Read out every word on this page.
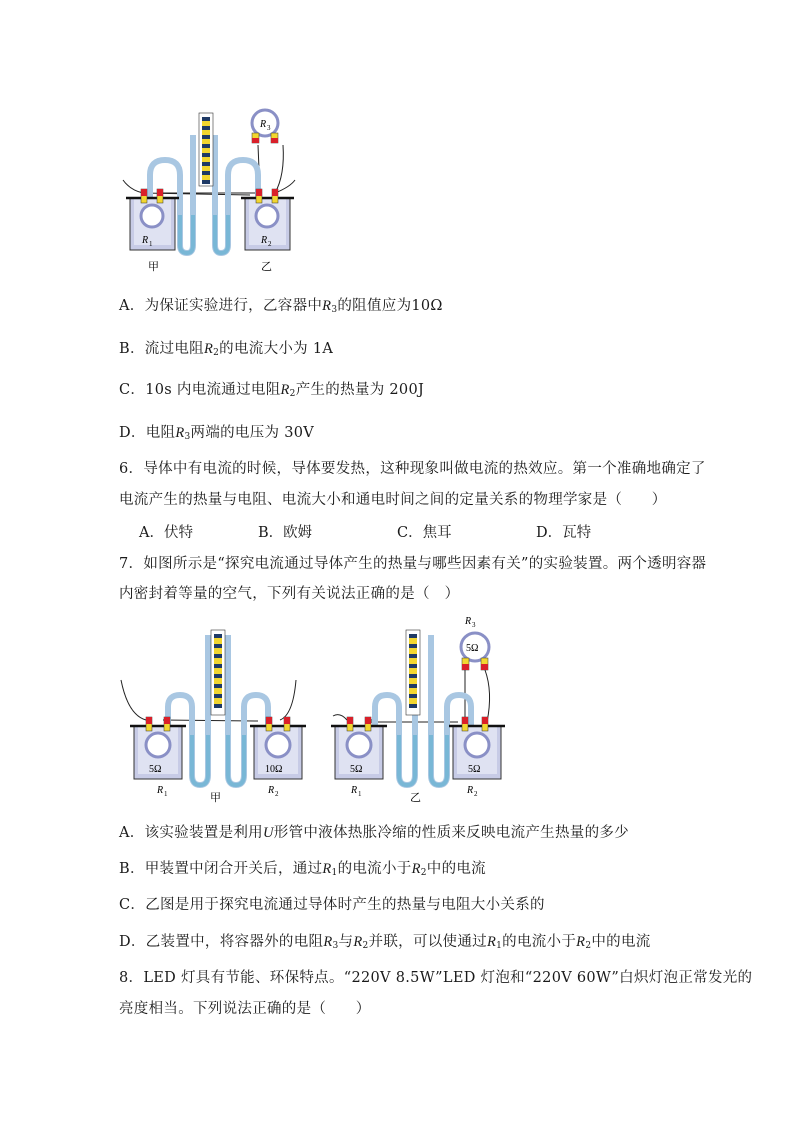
R 3
R 1	R 2
甲	乙
A．为保证实验进行，乙容器中$R_3$的阻值应为10Ω
B．流过电阻$R_2$的电流大小为 1A
C．10s 内电流通过电阻$R_2$产生的热量为 200J
D．电阻$R_3$两端的电压为 30V
6．导体中有电流的时候，导体要发热，这种现象叫做电流的热效应。第一个准确地确定了
电流产生的热量与电阻、电流大小和通电时间之间的定量关系的物理学家是（　　）
A．伏特	B．欧姆	C．焦耳	D．瓦特
7．如图所示是“探究电流通过导体产生的热量与哪些因素有关”的实验装置。两个透明容器
内密封着等量的空气，下列有关说法正确的是（　）
5Ω	10Ω
R 1	甲
R 2
R 3
5Ω
5Ω	5Ω
R 1	乙
R 2
A．该实验装置是利用U形管中液体热胀冷缩的性质来反映电流产生热量的多少
B．甲装置中闭合开关后，通过$R_1$的电流小于$R_2$中的电流
C．乙图是用于探究电流通过导体时产生的热量与电阻大小关系的
D．乙装置中，将容器外的电阻$R_3$与$R_2$并联，可以使通过$R_1$的电流小于$R_2$中的电流
8．LED 灯具有节能、环保特点。“220V 8.5W”LED 灯泡和“220V 60W”白炽灯泡正常发光的
亮度相当。下列说法正确的是（　　）
